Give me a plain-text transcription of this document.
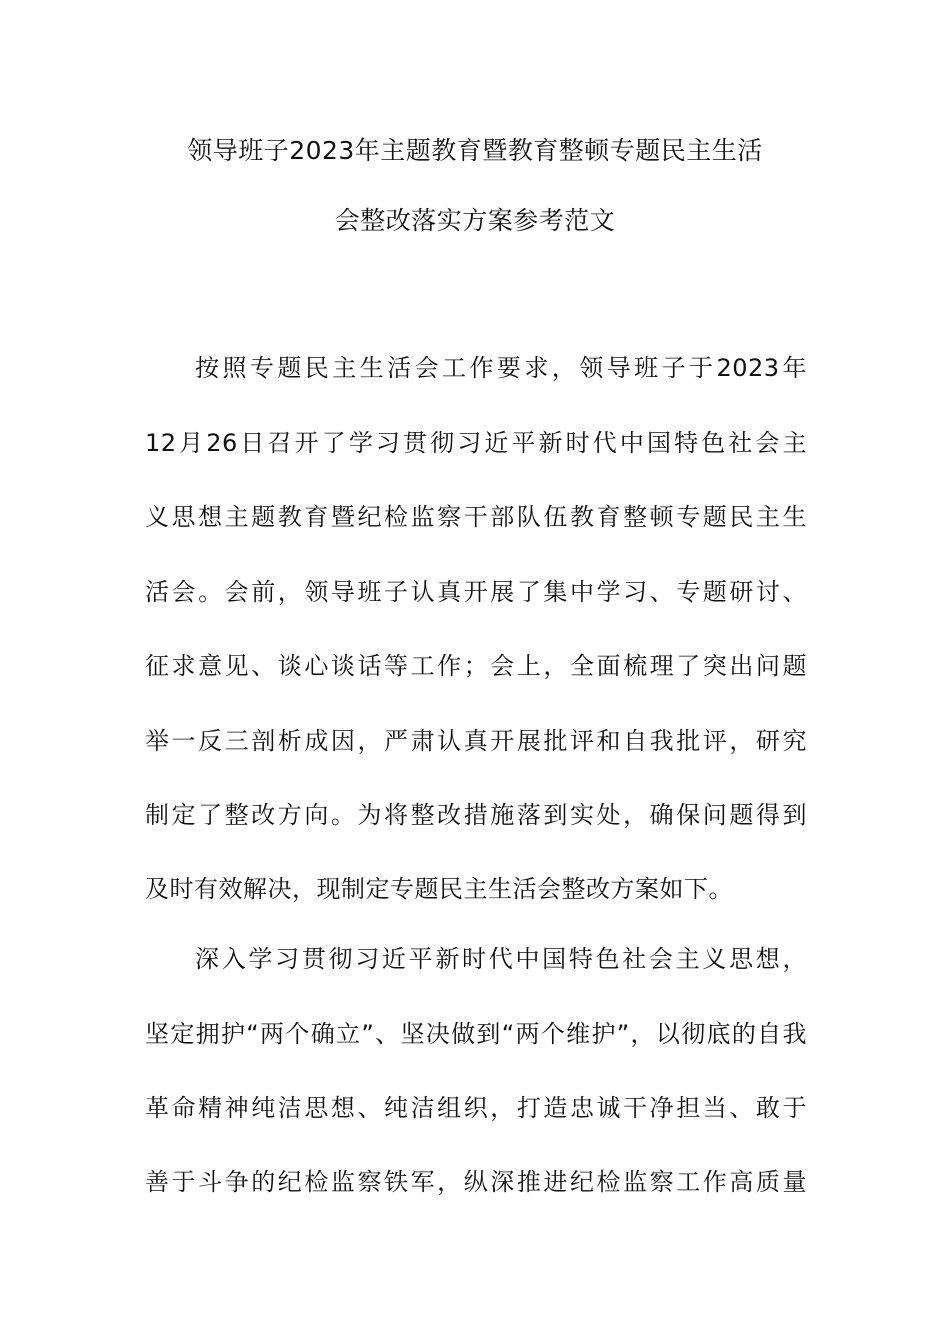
领导班子2023年主题教育暨教育整顿专题民主生活
会整改落实方案参考范文
按照专题民主生活会工作要求，领导班子于2023年
12月26日召开了学习贯彻习近平新时代中国特色社会主
义思想主题教育暨纪检监察干部队伍教育整顿专题民主生
活会。会前，领导班子认真开展了集中学习、专题研讨、
征求意见、谈心谈话等工作；会上，全面梳理了突出问题
举一反三剖析成因，严肃认真开展批评和自我批评，研究
制定了整改方向。为将整改措施落到实处，确保问题得到
及时有效解决，现制定专题民主生活会整改方案如下。
深入学习贯彻习近平新时代中国特色社会主义思想，
坚定拥护“两个确立”、坚决做到“两个维护”，以彻底的自我
革命精神纯洁思想、纯洁组织，打造忠诚干净担当、敢于
善于斗争的纪检监察铁军，纵深推进纪检监察工作高质量
